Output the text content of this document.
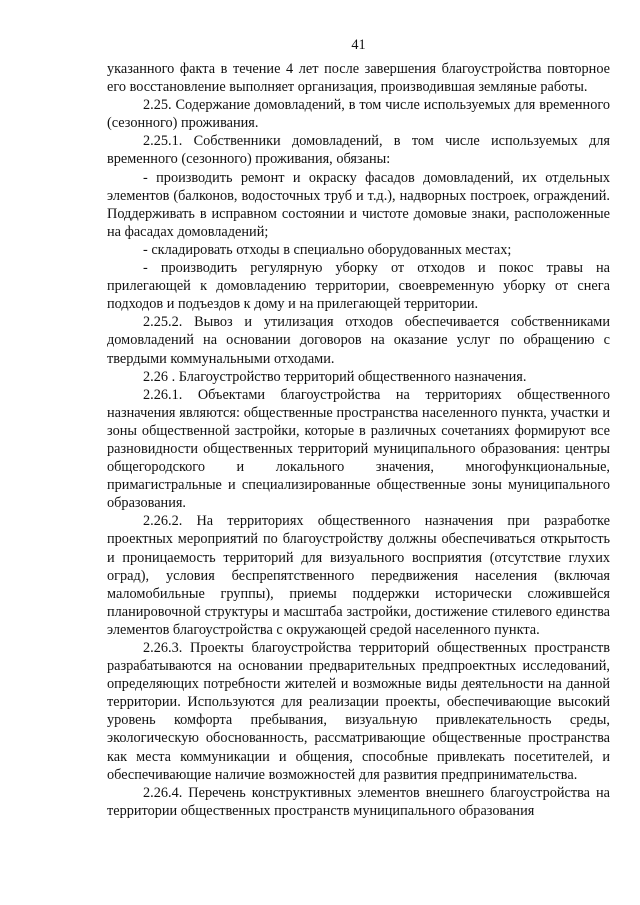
41

указанного факта в течение 4 лет после завершения благоустройства повторное его восстановление выполняет организация, производившая земляные работы.

2.25. Содержание домовладений, в том числе используемых для временного (сезонного) проживания.

2.25.1. Собственники домовладений, в том числе используемых для временного (сезонного) проживания, обязаны:

- производить ремонт и окраску фасадов домовладений, их отдельных элементов (балконов, водосточных труб и т.д.), надворных построек, ограждений. Поддерживать в исправном состоянии и чистоте домовые знаки, расположенные на фасадах домовладений;

- складировать отходы в специально оборудованных местах;

- производить регулярную уборку от отходов и покос травы на прилегающей к домовладению территории, своевременную уборку от снега подходов и подъездов к дому и на прилегающей территории.

2.25.2. Вывоз и утилизация отходов обеспечивается собственниками домовладений на основании договоров на оказание услуг по обращению с твердыми коммунальными отходами.

2.26 . Благоустройство территорий общественного назначения.

2.26.1. Объектами благоустройства на территориях общественного назначения являются: общественные пространства населенного пункта, участки и зоны общественной застройки, которые в различных сочетаниях формируют все разновидности общественных территорий муниципального образования: центры общегородского и локального значения, многофункциональные, примагистральные и специализированные общественные зоны муниципального образования.

2.26.2. На территориях общественного назначения при разработке проектных мероприятий по благоустройству должны обеспечиваться открытость и проницаемость территорий для визуального восприятия (отсутствие глухих оград), условия беспрепятственного передвижения населения (включая маломобильные группы), приемы поддержки исторически сложившейся планировочной структуры и масштаба застройки, достижение стилевого единства элементов благоустройства с окружающей средой населенного пункта.

2.26.3. Проекты благоустройства территорий общественных пространств разрабатываются на основании предварительных предпроектных исследований, определяющих потребности жителей и возможные виды деятельности на данной территории. Используются для реализации проекты, обеспечивающие высокий уровень комфорта пребывания, визуальную привлекательность среды, экологическую обоснованность, рассматривающие общественные пространства как места коммуникации и общения, способные привлекать посетителей, и обеспечивающие наличие возможностей для развития предпринимательства.

2.26.4. Перечень конструктивных элементов внешнего благоустройства на территории общественных пространств муниципального образования
